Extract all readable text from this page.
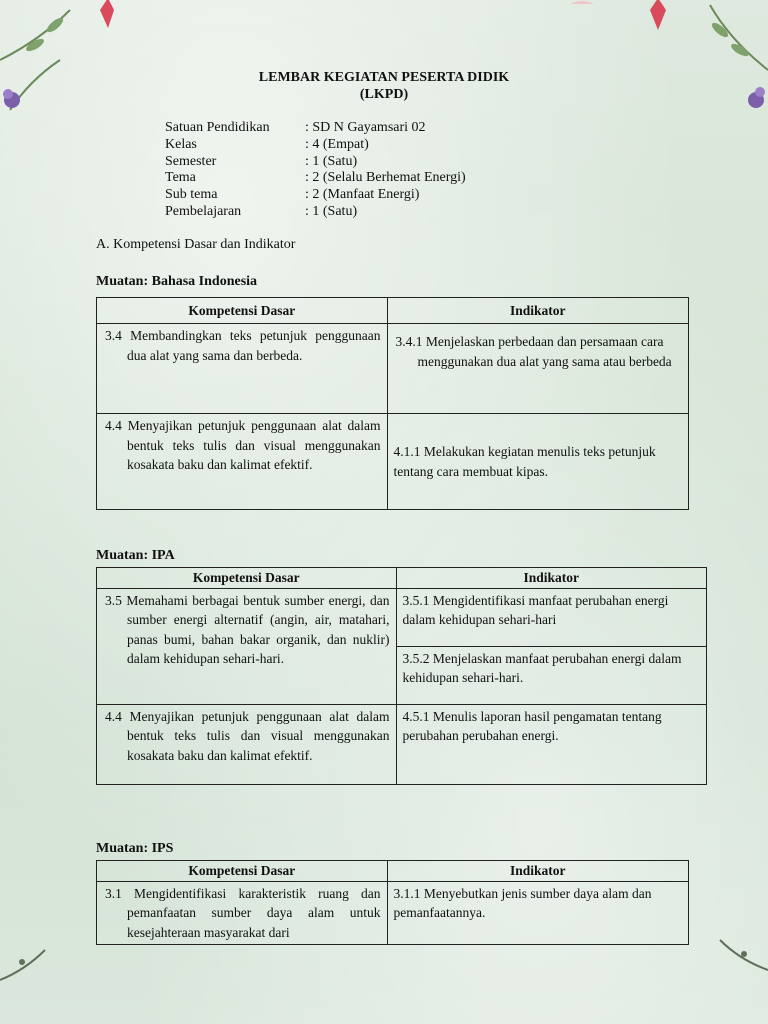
LEMBAR KEGIATAN PESERTA DIDIK
(LKPD)
Satuan Pendidikan	: SD N Gayamsari 02
Kelas	: 4 (Empat)
Semester	: 1 (Satu)
Tema	: 2 (Selalu Berhemat Energi)
Sub tema	: 2 (Manfaat Energi)
Pembelajaran	: 1 (Satu)
A. Kompetensi Dasar dan Indikator
Muatan: Bahasa Indonesia
Kompetensi Dasar	Indikator
3.4 Membandingkan teks petunjuk penggunaan dua alat yang sama dan berbeda.	3.4.1 Menjelaskan perbedaan dan persamaan cara menggunakan dua alat yang sama atau berbeda
4.4 Menyajikan petunjuk penggunaan alat dalam bentuk teks tulis dan visual menggunakan kosakata baku dan kalimat efektif.	4.1.1 Melakukan kegiatan menulis teks petunjuk tentang cara membuat kipas.
Muatan: IPA
Kompetensi Dasar	Indikator
3.5 Memahami berbagai bentuk sumber energi, dan sumber energi alternatif (angin, air, matahari, panas bumi, bahan bakar organik, dan nuklir) dalam kehidupan sehari-hari.	3.5.1 Mengidentifikasi manfaat perubahan energi dalam kehidupan sehari-hari
	3.5.2 Menjelaskan manfaat perubahan energi dalam kehidupan sehari-hari.
4.4 Menyajikan petunjuk penggunaan alat dalam bentuk teks tulis dan visual menggunakan kosakata baku dan kalimat efektif.	4.5.1 Menulis laporan hasil pengamatan tentang perubahan perubahan energi.
Muatan: IPS
Kompetensi Dasar	Indikator
3.1 Mengidentifikasi karakteristik ruang dan pemanfaatan sumber daya alam untuk kesejahteraan masyarakat dari	3.1.1 Menyebutkan jenis sumber daya alam dan pemanfaatannya.
